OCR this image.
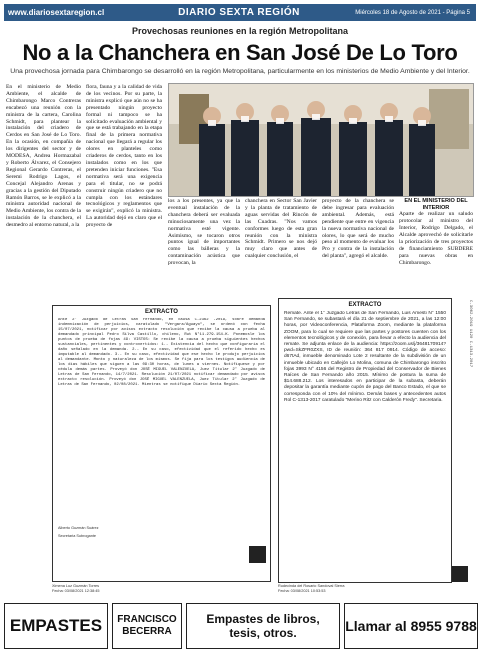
www.diariosextaregion.cl	DIARIO SEXTA REGIÓN	Miércoles 18 de Agosto de 2021 - Página 5
Provechosas reuniones en la región Metropolitana
No a la Chanchera en San José De Lo Toro
Una provechosa jornada para Chimbarongo se desarrolló en la región Metropolitana, particularmente en los ministerios de Medio Ambiente y del Interior.

En el ministerio de Medio Ambiente, el alcalde de Chimbarongo Marco Contreras encabezó una reunión con la ministra de la cartera, Carolina Schmidt, para plantear la instalación del criadero de Cerdos en San José de Lo Toro. En la ocasión, en compañía de los dirigentes del sector y de MODESA, Andrea Hormazabal y Roberto Álvarez, el Consejero Regional Gerardo Contreras, el Seremi Rodrigo Lagos, el Concejal Alejandro Arenas y gracias a la gestión del Diputado Ramón Barros, se le explicó a la ministra autoridad nacional de Medio Ambiente, los contra de la instalación de la chanchera, el desmedro al entorno natural, a la

flora, fauna y a la calidad de vida de los vecinos. Por su parte, la ministra explicó que aún no se ha presentado ningún proyecto formal ni tampoco se ha solicitado evaluación ambiental y que se está trabajando en la etapa final de la primera normativa nacional que llegará a regular los olores en planteles como criaderos de cerdos, tanto en los instalados como en los que pretenden iniciar funciones. "Esa normativa será una exigencia para el titular, no se podrá construir ningún criadero que no cumpla con los estándares tecnológicos y reglamentos que se exigirán", explicó la ministra. La autoridad dejó en claro que el proyecto de

los a los presentes, ya que la eventual instalación de la chanchera deberá ser evaluada minuciosamente una vez la normativa esté vigente. Asimismo, se tocaron otros puntos igual de importantes como las bálleras y la contaminación acústica que provocan, la

chanchera en Sector San Javier y la planta de tratamiento de aguas servidas del Rincón de las Cuadras. "Nos vamos conformes luego de esta gran reunión con la ministra Schmidt. Primero se nos dejó muy claro que antes de cualquier conclusión, el

proyecto de la chanchera se debe ingresar para evaluación ambiental. Además, está pendiente que entre en vigencia la nueva normativa nacional de olores, lo que será de mucho peso al momento de evaluar los Pro y contra de la instalación del planta", agregó el alcalde.

EN EL MINISTERIO DEL INTERIOR

Aparte de realizar un saludo protocolar al ministro del Interior, Rodrigo Delgado, el Alcalde aprovechó de solicitarle la priorización de tres proyectos de financiamiento SUBDERE para nuevas obras en Chimbarongo.

EXTRACTO
Ante 2° Juzgado de Letras San Fernando, en causa C-2362 -2019, sobre demanda indemnización de perjuicios, caratulado "Vergara/Aguayo", se ordenó con fecha 15/07/2021, notificar por avisos extracto resolución que recibe la causa a prueba al demandado principal Pedro Silva Castillo, chileno, Rut N°11.279.154-K. Ponemosle los puntos de prueba de fojas 49: VISTOS: Se recibe la causa a prueba siguientes hechos sustanciales, pertinentes y controvertidos: 1.- Existencia del hecho que configuraría el daño señalado en la demanda. 2.- En su caso, efectividad que el referido hecho es imputable al demandado. 3.- En su caso, efectividad que ese hecho le produjo perjuicios al demandante. Monto y naturaleza de los mismos. Se fija para los testigos audiencia de los días hábiles que siguen a las 09:30 horas, de lunes a viernes. Notifíquese y por cédula demás partes. Proveyó don JOSÉ MIGUEL VALENZUELA, Juez Titular 2° Juzgado de Letras de San Fernando, 14/7/2021. Resolución 21/07/2021 notificar demandado por avisos extracto resolución. Proveyó don JOSÉ MIGUEL VALENZUELA, Juez Titular 2° Juzgado de Letras de San Fernando, 02/08/2021. Mientras se notifique Diario Sexta Región.
Alberto Guzmán Suárez
Secretaria Subrogante
Ximena Luz Guzmán Torres
Fecha: 03/08/2021 12:38:45
EXTRACTO
Remate. Ante el 1° Juzgado Letras de San Fernando, Luis Amesti N° 1550 San Fernando, se subastará el día 21 de septiembre de 2021, a las 12:00 horas, por Videoconferencia, Plataforma Zoom, mediante la plataforma ZOOM, para lo cual se requiere que las partes y postores cuenten con los elementos tecnológicos y de conexión, para llevar a efecto la audiencia del remate. Se adjunta enlace de la audiencia: https://zoom.us/j/3648170914?pwd=SkZFR0ZXS, ID de reunión: 364 817 0914. Código de acceso: d67tAd, inmueble denominado Lote 2 resultante de la subdivisión de un inmueble ubicado en Callejón Lo Molina, comuna de Chimbarongo inscrito fojas 3993 N° 4156 del Registro de Propiedad del Conservador de Bienes Raíces de San Fernando año 2015. Mínimo de postura la suma de $14.688.212. Los interesados en participar de la subasta, deberán depositar la garantía mediante cupón de pago del Banco Estado, el que se corresponda con el 10% del mínimo. Demás bases y antecedentes autos Rol C-1313-2017 caratulado "Merino Ritz con Calderón Fredy". Secretaria.
Rudecinda del Rosario Sandoval Sierra
Fecha: 03/08/2021 10:53:53
C-3062-2019 1120 C-1313-2017
EMPASTES	FRANCISCO
BECERRA
Empastes de libros,
tesis, otros.	Llamar al 8955 9788
